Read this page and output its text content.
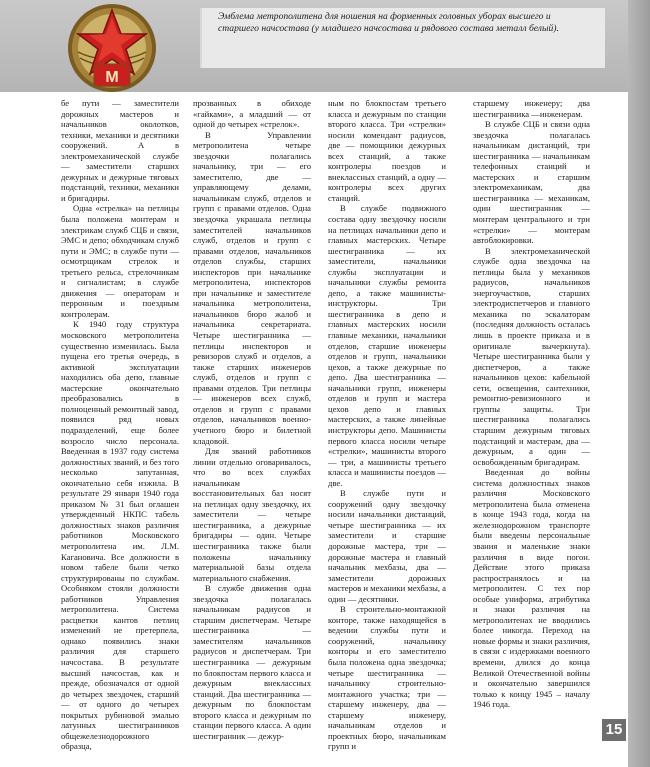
М
Эмблема метрополитена для ношения на форменных головных уборах высшего и старшего начсостава (у младшего начсостава и рядового состава металл белый).

бе пути — заместители дорожных мастеров и начальников околотков, техники, механики и десятники сооружений. А в электромеханической службе — заместители старших дежурных и дежурные тяговых подстанций, техники, механики и бригадиры.

Одна «стрелка» на петлицы была положена монтерам и электрикам служб СЦБ и связи, ЭМС и депо; обходчикам служб пути и ЭМС; в службе пути — осмотрщикам стрелок и третьего рельса, стрелочникам и сигналистам; в службе движения — операторам и перронным и поездным контролерам.

К 1940 году структура московского метрополитена существенно изменилась. Была пущена его третья очередь, в активной эксплуатации находились оба депо, главные мастерские окончательно преобразовались в полноценный ремонтный завод, появился ряд новых подразделений, еще более возросло число персонала. Введенная в 1937 году система должностных званий, и без того несколько запутанная, окончательно себя изжила. В результате 29 января 1940 года приказом № 31 был оглашен утвержденный НКПС табель должностных знаков различия работников Московского метрополитена им. Л.М. Кагановича. Все должности в новом табеле были четко структурированы по службам. Особняком стояли должности работников Управления метрополитена. Система расцветки кантов петлиц изменений не претерпела, однако появились знаки различия для старшего начсостава. В результате высший начсостав, как и прежде, обозначался от одной до четырех звездочек, старший — от одного до четырех покрытых рубиновой эмалью латунных шестигранников общежелезнодорожного образца,

прозванных в обиходе «гайками», а младший — от одной до четырех «стрелок».

В Управлении метрополитена четыре звездочки полагались начальнику, три — его заместителю, две — управляющему делами, начальникам служб, отделов и групп с правами отделов. Одна звездочка украшала петлицы заместителей начальников служб, отделов и групп с правами отделов, начальников отделов службы, старших инспекторов при начальнике метрополитена, инспекторов при начальнике и заместителе начальника метрополитена, начальников бюро жалоб и начальника секретариата. Четыре шестигранника — петлицы инспекторов и ревизоров служб и отделов, а также старших инженеров служб, отделов и групп с правами отделов. Три петлицы — инженеров всех служб, отделов и групп с правами отделов, начальников военно-учетного бюро и билетной кладовой.

Для званий работников линии отдельно оговаривалось, что во всех службах начальникам восстановительных баз носят на петлицах одну звездочку, их заместители — четыре шестигранника, а дежурные бригадиры — один. Четыре шестигранника также были положены начальнику материальной базы отдела материального снабжения.

В службе движения одна звездочка полагалась начальникам радиусов и старшим диспетчерам. Четыре шестигранника — заместителям начальников радиусов и диспетчерам. Три шестигранника — дежурным по блокпостам первого класса и дежурным внеклассных станций. Два шестигранника — дежурным по блокпостам второго класса и дежурным по станции первого класса. А один шестигранник — дежур-

ным по блокпостам третьего класса и дежурным по станции второго класса. Три «стрелки» носили комендант радиусов, две — помощники дежурных всех станций, а также контролеры поездов и внеклассных станций, а одну — контролеры всех других станций.

В службе подвижного состава одну звездочку носили на петлицах начальники депо и главных мастерских. Четыре шестигранника — их заместители, начальники службы эксплуатации и начальники службы ремонта депо, а также машинисты-инструкторы. Три шестигранника в депо и главных мастерских носили главные механики, начальники отделов, старшие инженеры отделов и групп, начальники цехов, а также дежурные по депо. Два шестигранника — начальники групп, инженеры отделов и групп и мастера цехов депо и главных мастерских, а также линейные инструкторы депо. Машинисты первого класса носили четыре «стрелки», машинисты второго — три, а машинисты третьего класса и машинисты поездов — две.

В службе пути и сооружений одну звездочку носили начальники дистанций, четыре шестигранника — их заместители и старшие дорожные мастера, три — дорожные мастера и главный начальник мехбазы, два — заместители дорожных мастеров и механики мехбазы, а один — десятники.

В строительно-монтажной конторе, также находящейся в ведении службы пути и сооружений, начальнику конторы и его заместителю была положена одна звездочка; четыре шестигранника — начальнику строительно-монтажного участка; три — старшему инженеру, два — старшему инженеру, начальникам отделов и проектных бюро, начальникам групп и

старшему инженеру; два шестигранника —инженерам.

В службе СЦБ и связи одна звездочка полагалась начальникам дистанций, три шестигранника — начальникам телефонных станций и мастерских и старшим электромеханикам, два шестигранника — механикам, один шестигранник — монтерам центрального и три «стрелки» — монтерам автоблокировки.

В электромеханической службе одна звездочка на петлицы была у механиков радиусов, начальников энергоучастков, старших электродиспетчеров и главного механика по эскалаторам (последняя должность осталась лишь в проекте приказа и в оригинале вычеркнута). Четыре шестигранника были у диспетчеров, а также начальников цехов: кабельной сети, освещения, сантехники, ремонтно-ревизионного и группы защиты. Три шестигранника полагались старшим дежурным тяговых подстанций и мастерам, два — дежурным, а один — освобожденным бригадирам.

Введенная до войны система должностных знаков различия Московского метрополитена была отменена в конце 1943 года, когда на железнодорожном транспорте были введены персональные звания и маленькие знаки различия в виде погон. Действие этого приказа распространялось и на метрополитен. С тех пор особые униформа, атрибутика и знаки различия на метрополитенах не вводились более никогда. Переход на новые формы и знаки различия, в связи с издержками военного времени, длился до конца Великой Отечественной войны и окончательно завершился только к концу 1945 – началу 1946 года.

15
